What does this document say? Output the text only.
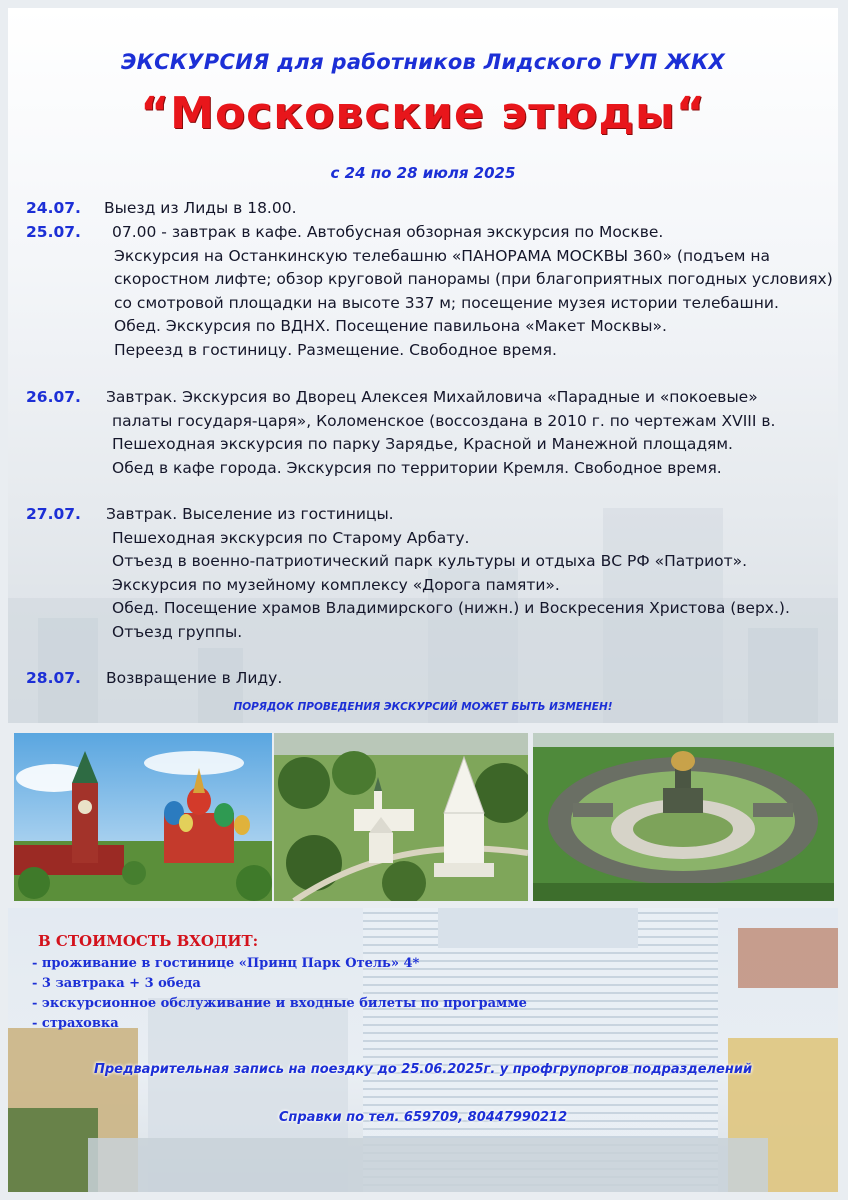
ЭКСКУРСИЯ для работников Лидского ГУП ЖКХ
“Московские этюды“
с 24 по 28 июля 2025
24.07. Выезд из Лиды в 18.00.
25.07. 07.00 - завтрак в кафе. Автобусная обзорная экскурсия по Москве.
Экскурсия на Останкинскую телебашню «ПАНОРАМА МОСКВЫ 360» (подъем на
скоростном лифте; обзор круговой панорамы (при благоприятных погодных условиях)
со смотровой площадки на высоте 337 м; посещение музея истории телебашни.
Обед. Экскурсия по ВДНХ. Посещение павильона «Макет Москвы».
Переезд в гостиницу. Размещение. Свободное время.
26.07. Завтрак. Экскурсия во Дворец Алексея Михайловича «Парадные и «покоевые»
палаты государя-царя», Коломенское (воссоздана в 2010 г. по чертежам XVIII в.
Пешеходная экскурсия по парку Зарядье, Красной и Манежной площадям.
Обед в кафе города. Экскурсия по территории Кремля. Свободное время.
27.07. Завтрак. Выселение из гостиницы.
Пешеходная экскурсия по Старому Арбату.
Отъезд в военно-патриотический парк культуры и отдыха ВС РФ «Патриот».
Экскурсия по музейному комплексу «Дорога памяти».
Обед. Посещение храмов Владимирского (нижн.) и Воскресения Христова (верх.).
Отъезд группы.
28.07. Возвращение в Лиду.
ПОРЯДОК ПРОВЕДЕНИЯ ЭКСКУРСИЙ МОЖЕТ БЫТЬ ИЗМЕНЕН!
В СТОИМОСТЬ ВХОДИТ:
- проживание в гостинице «Принц Парк Отель» 4*
- 3 завтрака + 3 обеда
- экскурсионное обслуживание и входные билеты по программе
- страховка
Предварительная запись на поездку до 25.06.2025г. у профгрупоргов подразделений
Справки по тел. 659709, 80447990212
